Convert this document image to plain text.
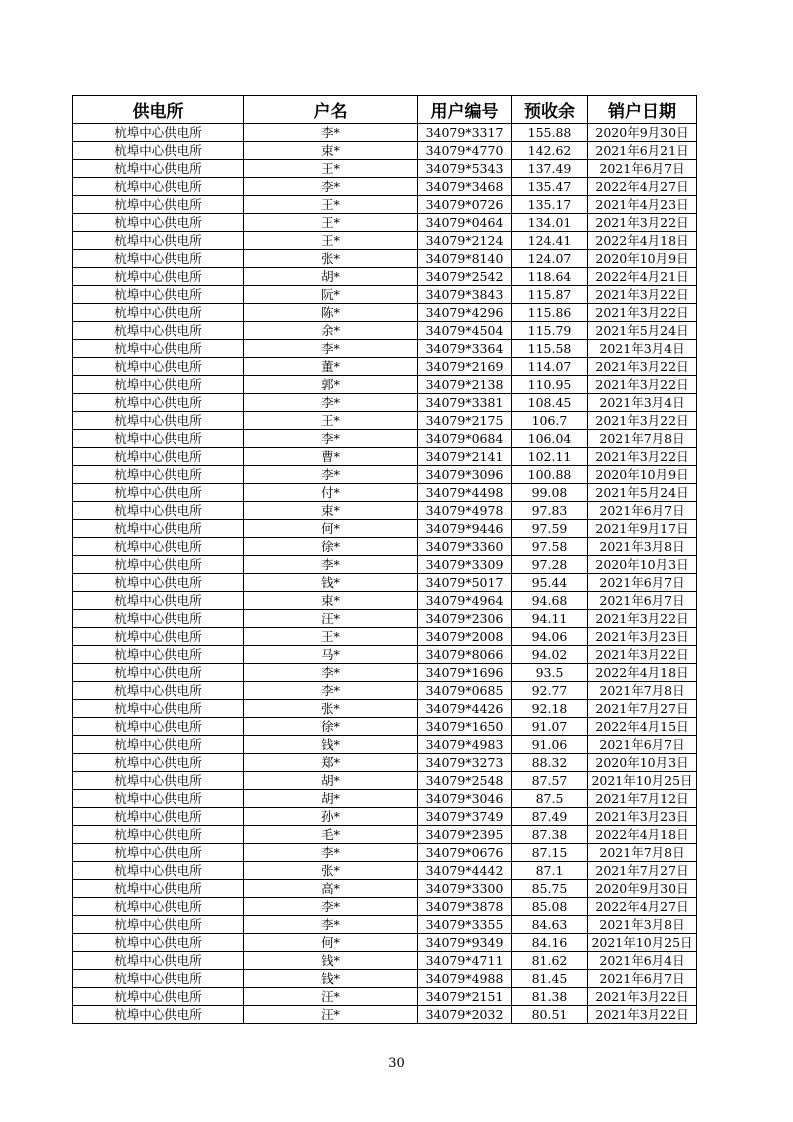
供电所	户名	用户编号	预收余	销户日期
杭埠中心供电所	李*	34079*3317	155.88	2020年9月30日
杭埠中心供电所	束*	34079*4770	142.62	2021年6月21日
杭埠中心供电所	王*	34079*5343	137.49	2021年6月7日
杭埠中心供电所	李*	34079*3468	135.47	2022年4月27日
杭埠中心供电所	王*	34079*0726	135.17	2021年4月23日
杭埠中心供电所	王*	34079*0464	134.01	2021年3月22日
杭埠中心供电所	王*	34079*2124	124.41	2022年4月18日
杭埠中心供电所	张*	34079*8140	124.07	2020年10月9日
杭埠中心供电所	胡*	34079*2542	118.64	2022年4月21日
杭埠中心供电所	阮*	34079*3843	115.87	2021年3月22日
杭埠中心供电所	陈*	34079*4296	115.86	2021年3月22日
杭埠中心供电所	余*	34079*4504	115.79	2021年5月24日
杭埠中心供电所	李*	34079*3364	115.58	2021年3月4日
杭埠中心供电所	董*	34079*2169	114.07	2021年3月22日
杭埠中心供电所	郭*	34079*2138	110.95	2021年3月22日
杭埠中心供电所	李*	34079*3381	108.45	2021年3月4日
杭埠中心供电所	王*	34079*2175	106.7	2021年3月22日
杭埠中心供电所	李*	34079*0684	106.04	2021年7月8日
杭埠中心供电所	曹*	34079*2141	102.11	2021年3月22日
杭埠中心供电所	李*	34079*3096	100.88	2020年10月9日
杭埠中心供电所	付*	34079*4498	99.08	2021年5月24日
杭埠中心供电所	束*	34079*4978	97.83	2021年6月7日
杭埠中心供电所	何*	34079*9446	97.59	2021年9月17日
杭埠中心供电所	徐*	34079*3360	97.58	2021年3月8日
杭埠中心供电所	李*	34079*3309	97.28	2020年10月3日
杭埠中心供电所	钱*	34079*5017	95.44	2021年6月7日
杭埠中心供电所	束*	34079*4964	94.68	2021年6月7日
杭埠中心供电所	汪*	34079*2306	94.11	2021年3月22日
杭埠中心供电所	王*	34079*2008	94.06	2021年3月23日
杭埠中心供电所	马*	34079*8066	94.02	2021年3月22日
杭埠中心供电所	李*	34079*1696	93.5	2022年4月18日
杭埠中心供电所	李*	34079*0685	92.77	2021年7月8日
杭埠中心供电所	张*	34079*4426	92.18	2021年7月27日
杭埠中心供电所	徐*	34079*1650	91.07	2022年4月15日
杭埠中心供电所	钱*	34079*4983	91.06	2021年6月7日
杭埠中心供电所	郑*	34079*3273	88.32	2020年10月3日
杭埠中心供电所	胡*	34079*2548	87.57	2021年10月25日
杭埠中心供电所	胡*	34079*3046	87.5	2021年7月12日
杭埠中心供电所	孙*	34079*3749	87.49	2021年3月23日
杭埠中心供电所	毛*	34079*2395	87.38	2022年4月18日
杭埠中心供电所	李*	34079*0676	87.15	2021年7月8日
杭埠中心供电所	张*	34079*4442	87.1	2021年7月27日
杭埠中心供电所	高*	34079*3300	85.75	2020年9月30日
杭埠中心供电所	李*	34079*3878	85.08	2022年4月27日
杭埠中心供电所	李*	34079*3355	84.63	2021年3月8日
杭埠中心供电所	何*	34079*9349	84.16	2021年10月25日
杭埠中心供电所	钱*	34079*4711	81.62	2021年6月4日
杭埠中心供电所	钱*	34079*4988	81.45	2021年6月7日
杭埠中心供电所	汪*	34079*2151	81.38	2021年3月22日
杭埠中心供电所	汪*	34079*2032	80.51	2021年3月22日
30
